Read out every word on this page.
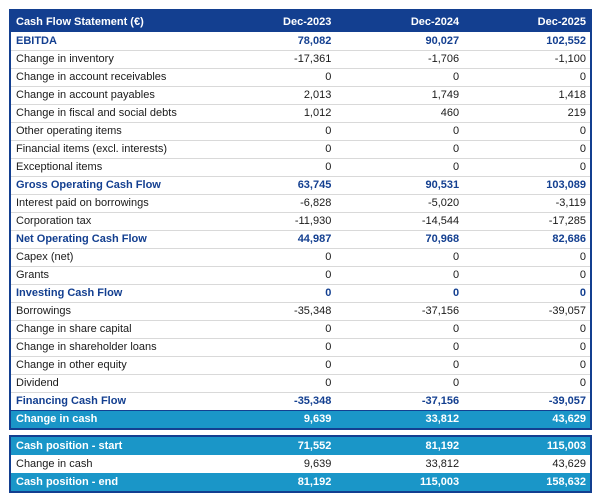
Cash Flow Statement (€)	Dec-2023	Dec-2024	Dec-2025
EBITDA	78,082	90,027	102,552
Change in inventory	-17,361	-1,706	-1,100
Change in account receivables	0	0	0
Change in account payables	2,013	1,749	1,418
Change in fiscal and social debts	1,012	460	219
Other operating items	0	0	0
Financial items (excl. interests)	0	0	0
Exceptional items	0	0	0
Gross Operating Cash Flow	63,745	90,531	103,089
Interest paid on borrowings	-6,828	-5,020	-3,119
Corporation tax	-11,930	-14,544	-17,285
Net Operating Cash Flow	44,987	70,968	82,686
Capex (net)	0	0	0
Grants	0	0	0
Investing Cash Flow	0	0	0
Borrowings	-35,348	-37,156	-39,057
Change in share capital	0	0	0
Change in shareholder loans	0	0	0
Change in other equity	0	0	0
Dividend	0	0	0
Financing Cash Flow	-35,348	-37,156	-39,057
Change in cash	9,639	33,812	43,629
Cash position - start	71,552	81,192	115,003
Change in cash	9,639	33,812	43,629
Cash position - end	81,192	115,003	158,632
